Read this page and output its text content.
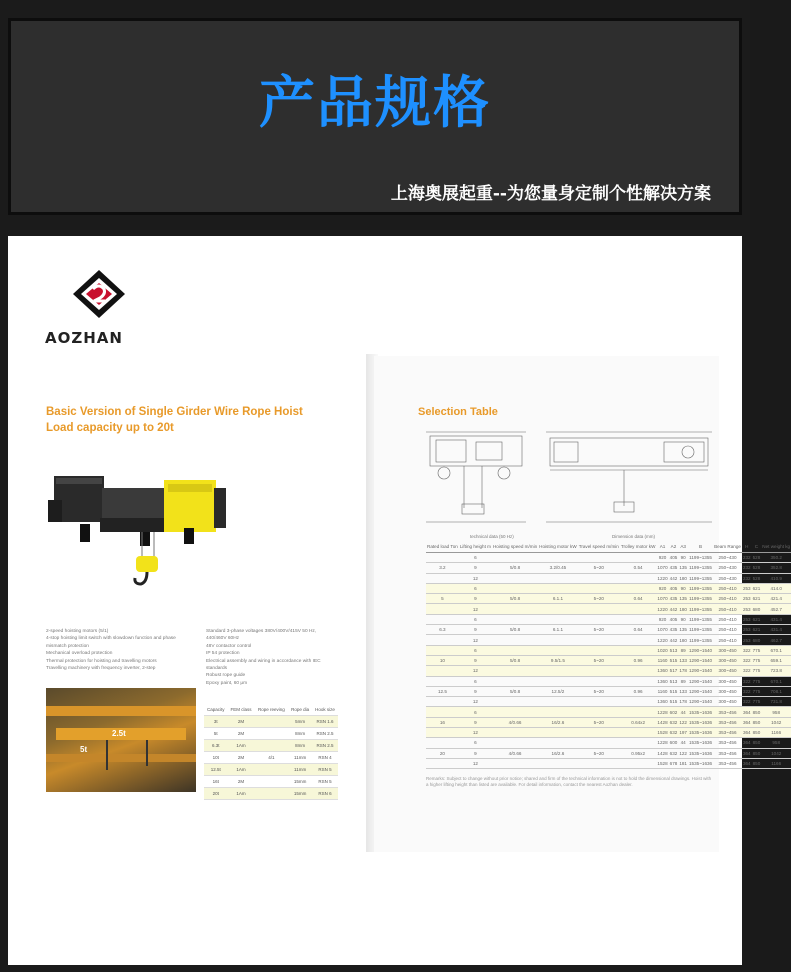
产品规格
上海奥展起重--为您量身定制个性解决方案
AOZHAN
Basic Version of Single Girder Wire Rope Hoist
Load capacity up to 20t
2-speed hoisting motors (5/1)
4-stop hoisting limit switch with slowdown function and phase
mismatch protection
Mechanical overload protection
Thermal protection for hoisting and travelling motors
Travelling machinery with frequency inverter, 2-step
Standard 3-phase voltages 380V/400V/415V 50 Hz,
440/460V 60Hz
48V contactor control
IP 54 protection
Electrical assembly and wiring in accordance with IEC
standards
Robust rope guide
Epoxy paint, 60 μm
2.5t
5t
Capacity	FEM class	Rope reeving	Rope dia	Hook size
3t	2M		5mm	RSN 1.6
5t	2M		8mm	RSN 2.5
6.3t	1Am		8mm	RSN 2.5
10t	2M	4/1	11mm	RSN 4
12.5t	1Am		11mm	RSN 5
16t	2M		15mm	RSN 5
20t	1Am		15mm	RSN 6
Selection Table
Rated load Ton	Lifting height m	Hoisting speed m/min	Hoisting motor kW	Travel speed m/min	Trolley motor kW	A1	A2	A3	B	Beam Range	H	C	Net weight kg
	6					920	405	90	1199~1355	250~430	232	528	350.2
3.2	9	5/0.8	3.2/0.45	5~20	0.54	1070	435	135	1199~1355	250~430	232	528	352.8
	12					1220	442	180	1199~1355	250~430	232	528	410.9
	6					920	405	90	1199~1355	250~410	253	621	414.0
5	9	5/0.8	6.1.1	5~20	0.64	1070	435	135	1199~1355	250~410	253	621	421.4
	12					1220	442	180	1199~1355	250~410	253	680	452.7
	6					920	405	90	1199~1355	250~410	253	621	431.4
6.3	9	5/0.8	6.1.1	5~20	0.64	1070	435	135	1199~1355	250~410	253	621	431.4
	12					1220	442	180	1199~1355	250~410	253	680	462.7
	6					1020	513	89	1290~1540	300~450	322	775	670.1
10	9	5/0.8	9.5/1.5	5~20	0.96	1160	515	133	1290~1540	300~450	322	775	659.1
	12					1360	517	178	1290~1540	300~450	322	775	723.8
	6					1360	513	89	1290~1540	300~450	322	775	670.1
12.5	9	5/0.8	12.5/2	5~20	0.96	1160	515	133	1290~1540	300~450	322	775	708.1
	12					1360	515	178	1290~1540	300~450	322	775	731.8
	6					1228	602	44	1535~1636	353~456	364	850	958
16	9	4/0.66	16/2.6	5~20	0.64x2	1428	632	122	1535~1636	353~456	364	850	1042
	12					1528	632	197	1535~1636	353~456	364	850	1166
	6					1228	600	44	1535~1636	353~456	364	850	958
20	9	4/0.66	16/2.6	5~20	0.95x2	1428	632	122	1535~1636	353~456	364	850	1042
	12					1528	678	181	1535~1636	353~456	364	850	1166
technical data (50 Hz)	Dimension data (mm)
Remarks: Subject to change without prior notice; shared and firm of the technical information is not to hold the dimensional drawings. Hoist with a higher lifting height than listed are available. For detail information, contact the nearest Aozhan dealer.
